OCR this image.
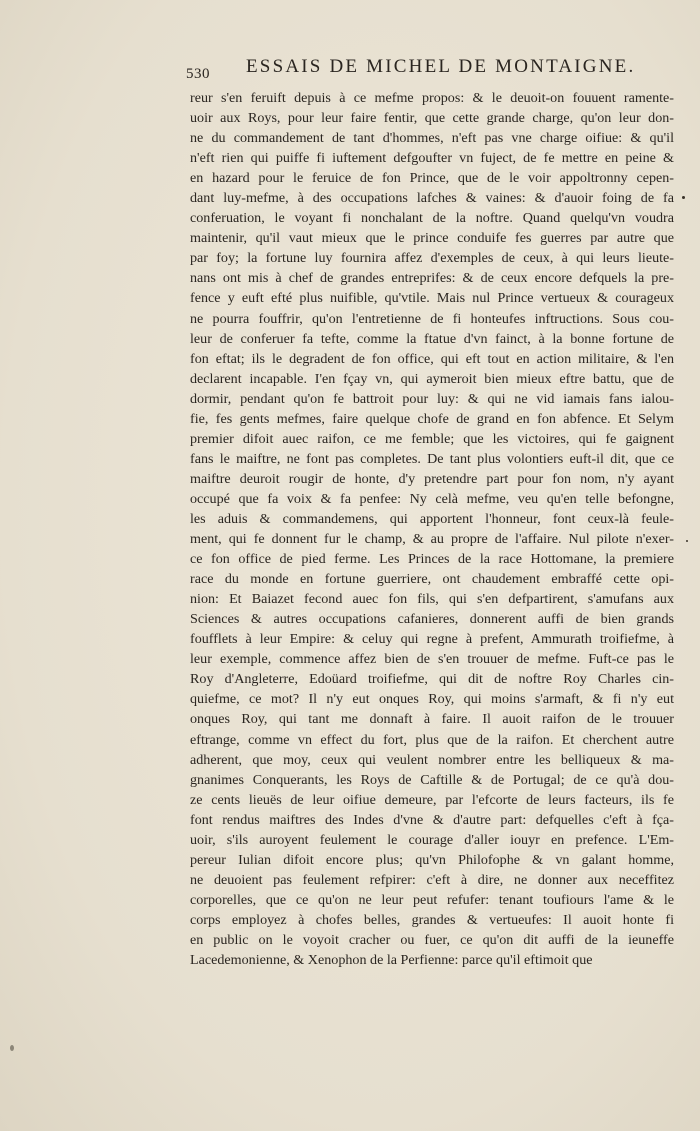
530 ESSAIS DE MICHEL DE MONTAIGNE.
reur s'en feruift depuis à ce mefme propos: & le deuoit-on fouuent ramente-
uoir aux Roys, pour leur faire fentir, que cette grande charge, qu'on leur don-
ne du commandement de tant d'hommes, n'eft pas vne charge oifiue: & qu'il
n'eft rien qui puiffe fi iuftement defgoufter vn fuject, de fe mettre en peine &
en hazard pour le feruice de fon Prince, que de le voir appoltronny cepen-
dant luy-mefme, à des occupations lafches & vaines: & d'auoir foing de fa
conferuation, le voyant fi nonchalant de la noftre. Quand quelqu'vn voudra
maintenir, qu'il vaut mieux que le prince conduife fes guerres par autre que
par foy; la fortune luy fournira affez d'exemples de ceux, à qui leurs lieute-
nans ont mis à chef de grandes entreprifes: & de ceux encore defquels la pre-
fence y euft efté plus nuifible, qu'vtile. Mais nul Prince vertueux & courageux
ne pourra fouffrir, qu'on l'entretienne de fi honteufes inftructions. Sous cou-
leur de conferuer fa tefte, comme la ftatue d'vn fainct, à la bonne fortune de
fon eftat; ils le degradent de fon office, qui eft tout en action militaire, & l'en
declarent incapable. I'en fçay vn, qui aymeroit bien mieux eftre battu, que de
dormir, pendant qu'on fe battroit pour luy: & qui ne vid iamais fans ialou-
fie, fes gents mefmes, faire quelque chofe de grand en fon abfence. Et Selym
premier difoit auec raifon, ce me femble; que les victoires, qui fe gaignent
fans le maiftre, ne font pas completes. De tant plus volontiers euft-il dit, que ce
maiftre deuroit rougir de honte, d'y pretendre part pour fon nom, n'y ayant
occupé que fa voix & fa penfee: Ny celà mefme, veu qu'en telle befongne,
les aduis & commandemens, qui apportent l'honneur, font ceux-là feule-
ment, qui fe donnent fur le champ, & au propre de l'affaire. Nul pilote n'exer-
ce fon office de pied ferme. Les Princes de la race Hottomane, la premiere
race du monde en fortune guerriere, ont chaudement embraffé cette opi-
nion: Et Baiazet fecond auec fon fils, qui s'en defpartirent, s'amufans aux
Sciences & autres occupations cafanieres, donnerent auffi de bien grands
foufflets à leur Empire: & celuy qui regne à prefent, Ammurath troifiefme, à
leur exemple, commence affez bien de s'en trouuer de mefme. Fuft-ce pas le
Roy d'Angleterre, Edoüard troifiefme, qui dit de noftre Roy Charles cin-
quiefme, ce mot? Il n'y eut onques Roy, qui moins s'armaft, & fi n'y eut
onques Roy, qui tant me donnaft à faire. Il auoit raifon de le trouuer
eftrange, comme vn effect du fort, plus que de la raifon. Et cherchent autre
adherent, que moy, ceux qui veulent nombrer entre les belliqueux & ma-
gnanimes Conquerants, les Roys de Caftille & de Portugal; de ce qu'à dou-
ze cents lieuës de leur oifiue demeure, par l'efcorte de leurs facteurs, ils fe
font rendus maiftres des Indes d'vne & d'autre part: defquelles c'eft à fça-
uoir, s'ils auroyent feulement le courage d'aller iouyr en prefence. L'Em-
pereur Iulian difoit encore plus; qu'vn Philofophe & vn galant homme,
ne deuoient pas feulement refpirer: c'eft à dire, ne donner aux neceffitez
corporelles, que ce qu'on ne leur peut refufer: tenant toufiours l'ame & le
corps employez à chofes belles, grandes & vertueufes: Il auoit honte fi
en public on le voyoit cracher ou fuer, ce qu'on dit auffi de la ieuneffe
Lacedemonienne, & Xenophon de la Perfienne: parce qu'il eftimoit que
